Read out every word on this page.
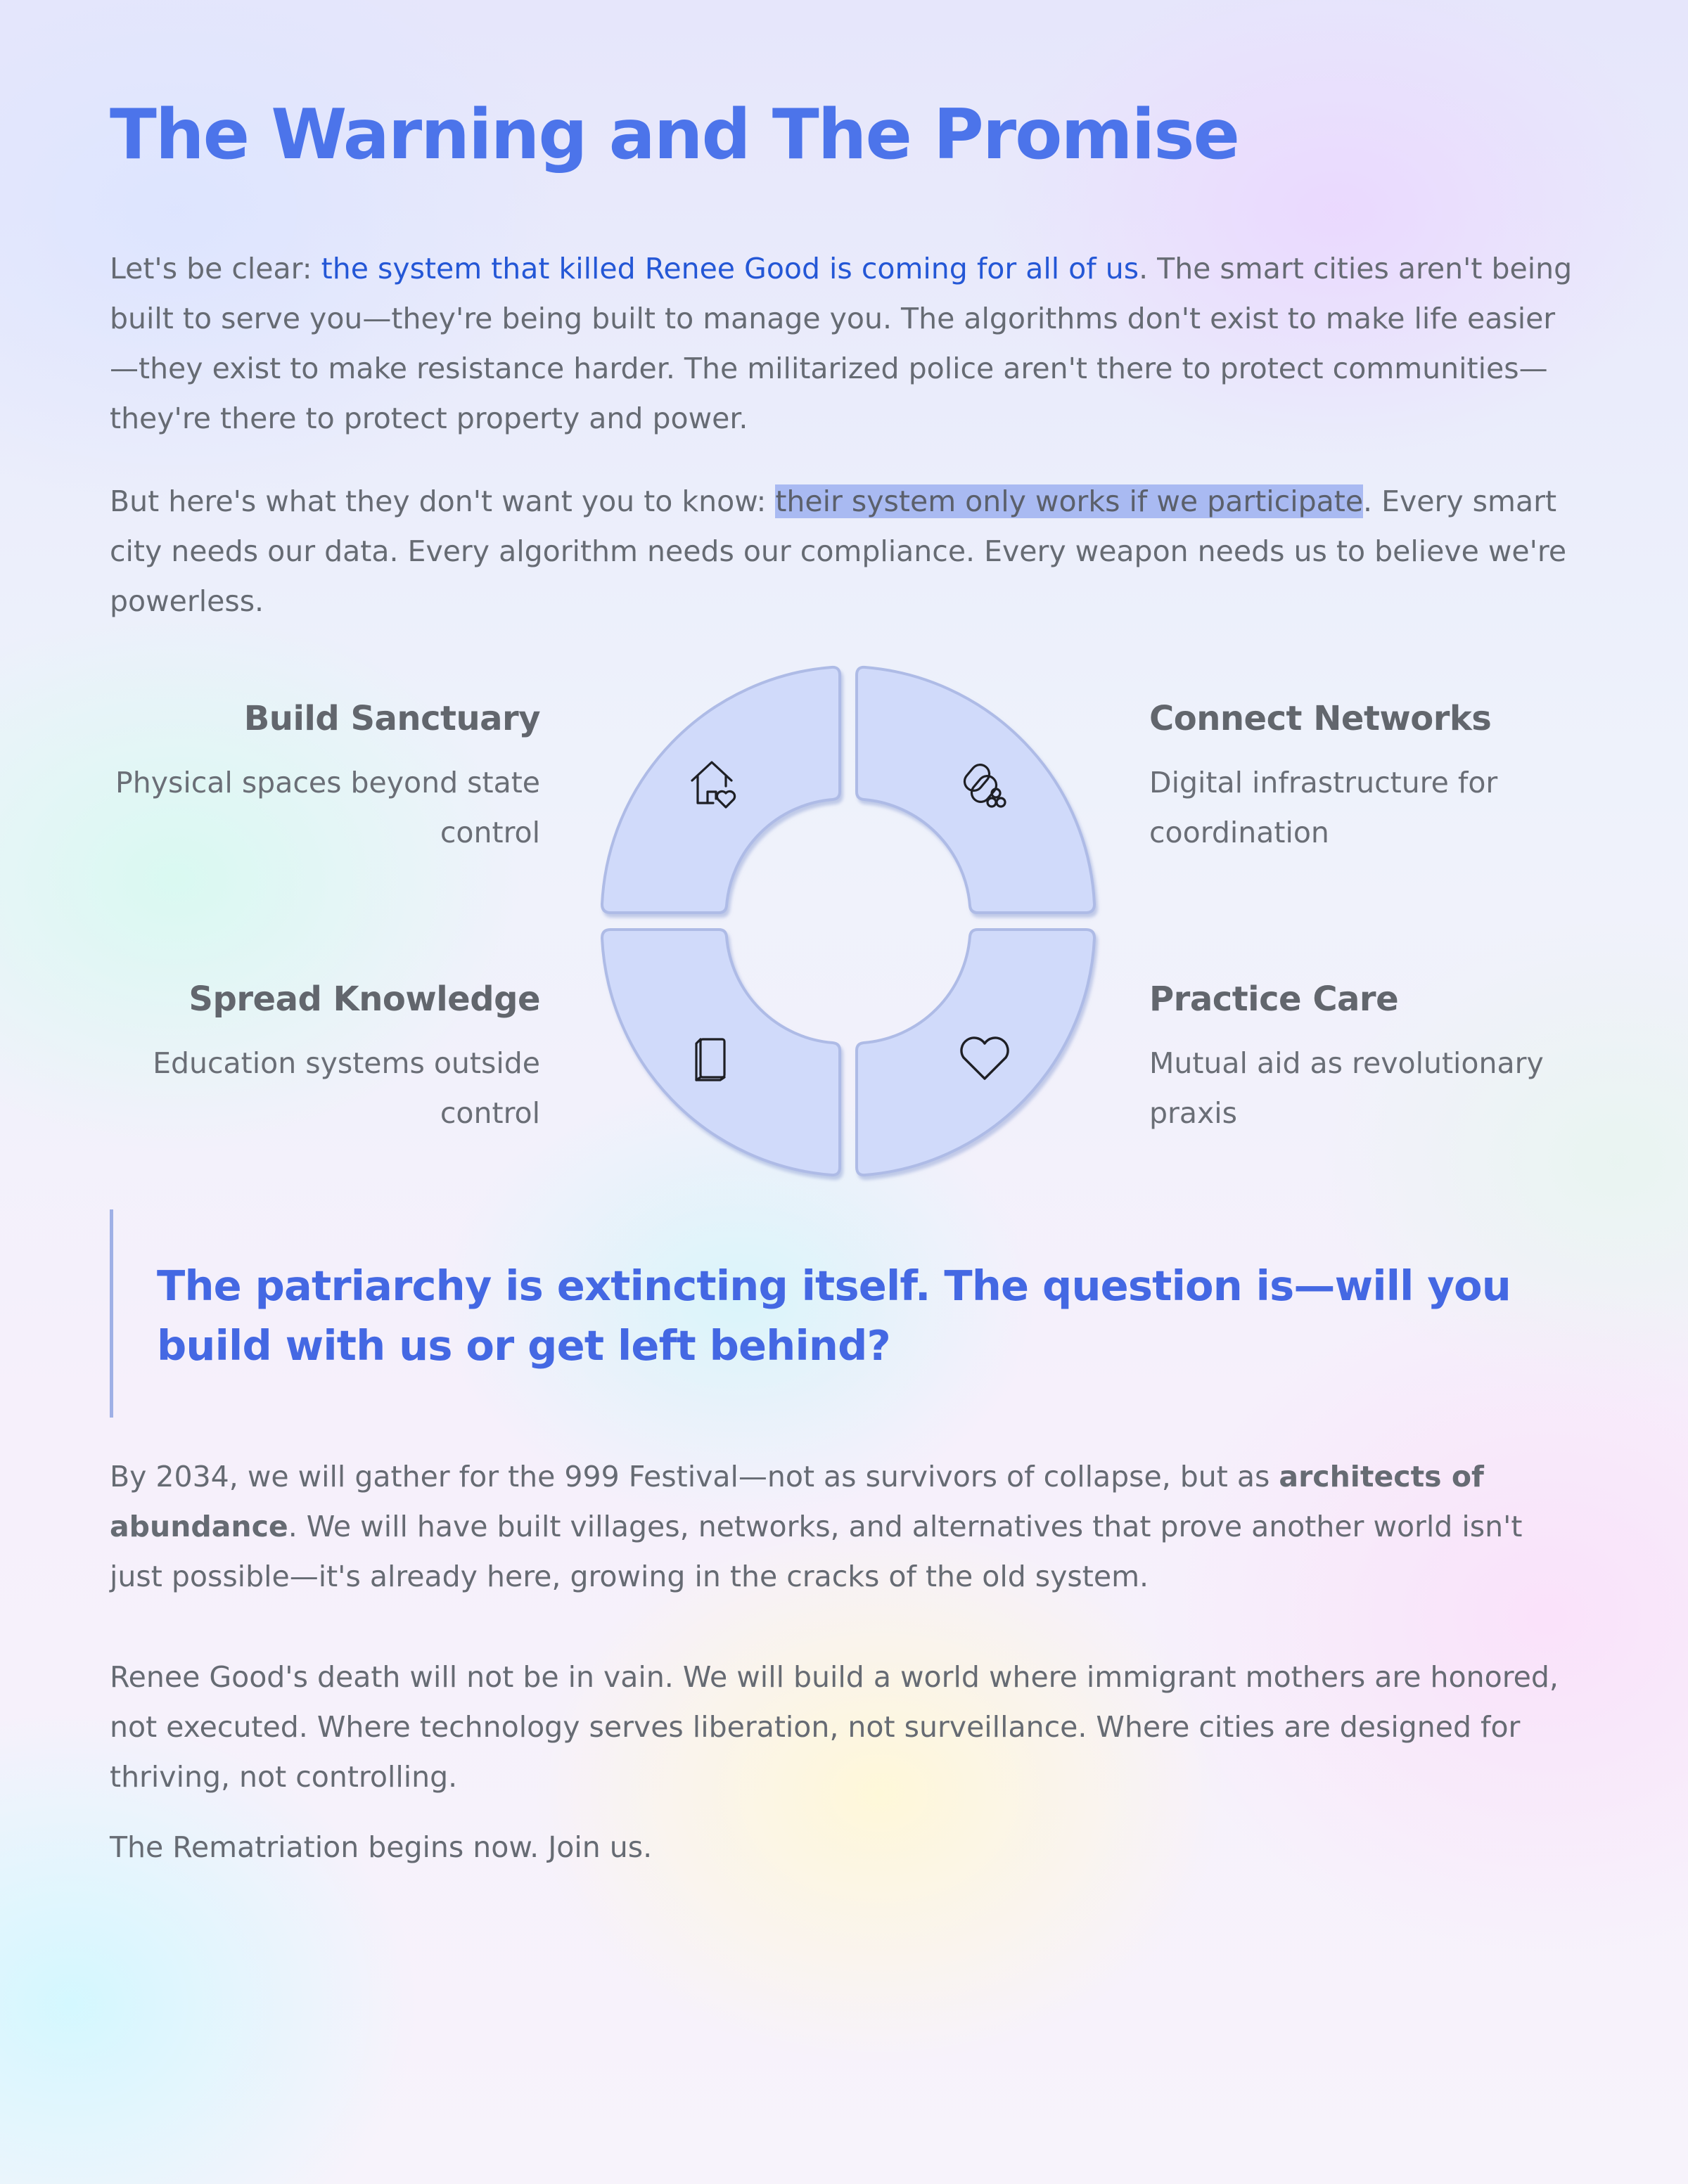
The Warning and The Promise

Let's be clear: the system that killed Renee Good is coming for all of us. The smart cities aren't being built to serve you—they're being built to manage you. The algorithms don't exist to make life easier—they exist to make resistance harder. The militarized police aren't there to protect communities—they're there to protect property and power.

But here's what they don't want you to know: their system only works if we participate. Every smart city needs our data. Every algorithm needs our compliance. Every weapon needs us to believe we're powerless.

Build Sanctuary

Physical spaces beyond state control

Connect Networks

Digital infrastructure for coordination

Spread Knowledge

Education systems outside control

Practice Care

Mutual aid as revolutionary praxis

The patriarchy is extincting itself. The question is—will you build with us or get left behind?

By 2034, we will gather for the 999 Festival—not as survivors of collapse, but as architects of abundance. We will have built villages, networks, and alternatives that prove another world isn't just possible—it's already here, growing in the cracks of the old system.

Renee Good's death will not be in vain. We will build a world where immigrant mothers are honored, not executed. Where technology serves liberation, not surveillance. Where cities are designed for thriving, not controlling.

The Rematriation begins now. Join us.
